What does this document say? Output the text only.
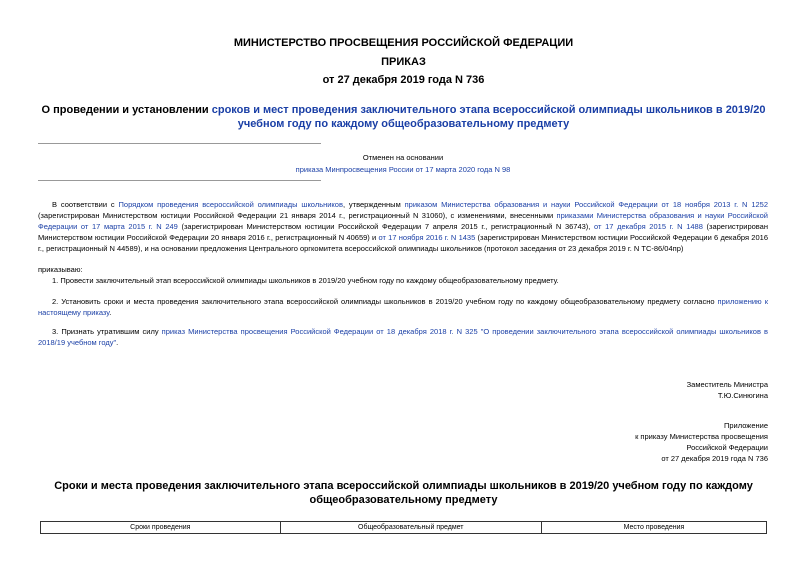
МИНИСТЕРСТВО ПРОСВЕЩЕНИЯ РОССИЙСКОЙ ФЕДЕРАЦИИ
ПРИКАЗ
от 27 декабря 2019 года N 736
О проведении и установлении сроков и мест проведения заключительного этапа всероссийской олимпиады школьников в 2019/20 учебном году по каждому общеобразовательному предмету
Отменен на основании
приказа Минпросвещения России от 17 марта 2020 года N 98
В соответствии с Порядком проведения всероссийской олимпиады школьников, утвержденным приказом Министерства образования и науки Российской Федерации от 18 ноября 2013 г. N 1252 (зарегистрирован Министерством юстиции Российской Федерации 21 января 2014 г., регистрационный N 31060), с изменениями, внесенными приказами Министерства образования и науки Российской Федерации от 17 марта 2015 г. N 249 (зарегистрирован Министерством юстиции Российской Федерации 7 апреля 2015 г., регистрационный N 36743), от 17 декабря 2015 г. N 1488 (зарегистрирован Министерством юстиции Российской Федерации 20 января 2016 г., регистрационный N 40659) и от 17 ноября 2016 г. N 1435 (зарегистрирован Министерством юстиции Российской Федерации 6 декабря 2016 г., регистрационный N 44589), и на основании предложения Центрального оргкомитета всероссийской олимпиады школьников (протокол заседания от 23 декабря 2019 г. N ТС-86/04пр)
приказываю:
1. Провести заключительный этап всероссийской олимпиады школьников в 2019/20 учебном году по каждому общеобразовательному предмету.
2. Установить сроки и места проведения заключительного этапа всероссийской олимпиады школьников в 2019/20 учебном году по каждому общеобразовательному предмету согласно приложению к настоящему приказу.
3. Признать утратившим силу приказ Министерства просвещения Российской Федерации от 18 декабря 2018 г. N 325 "О проведении заключительного этапа всероссийской олимпиады школьников в 2018/19 учебном году".
Заместитель Министра
Т.Ю.Синюгина
Приложение
к приказу Министерства просвещения
Российской Федерации
от 27 декабря 2019 года N 736
Сроки и места проведения заключительного этапа всероссийской олимпиады школьников в 2019/20 учебном году по каждому общеобразовательному предмету
Сроки проведения	Общеобразовательный предмет	Место проведения
